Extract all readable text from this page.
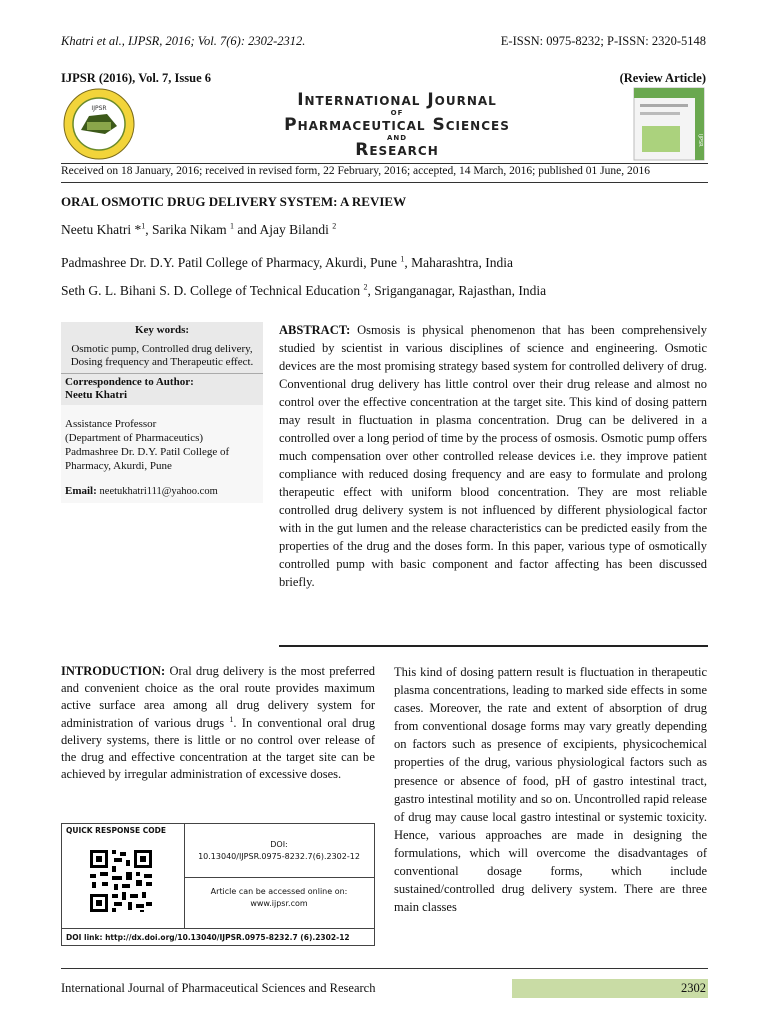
Khatri et al., IJPSR, 2016; Vol. 7(6): 2302-2312.	E-ISSN: 0975-8232; P-ISSN: 2320-5148
IJPSR (2016), Vol. 7, Issue 6	(Review Article)
IJPSR
IJPSR
International Journal
of
Pharmaceutical Sciences
and
Research
Received on 18 January, 2016; received in revised form, 22 February, 2016; accepted, 14 March, 2016; published 01 June, 2016
ORAL OSMOTIC DRUG DELIVERY SYSTEM: A REVIEW
Neetu Khatri *$^1$, Sarika Nikam $^1$ and Ajay Bilandi $^2$
Padmashree Dr. D.Y. Patil College of Pharmacy, Akurdi, Pune $^1$, Maharashtra, India
Seth G. L. Bihani S. D. College of Technical Education $^2$, Sriganganagar, Rajasthan, India
Key words:
Osmotic pump, Controlled drug delivery, Dosing frequency and Therapeutic effect.
Correspondence to Author:
Neetu Khatri
Assistance Professor
(Department of Pharmaceutics)
Padmashree Dr. D.Y. Patil College of Pharmacy, Akurdi, Pune
Email: neetukhatri111@yahoo.com
ABSTRACT: Osmosis is physical phenomenon that has been comprehensively studied by scientist in various disciplines of science and engineering. Osmotic devices are the most promising strategy based system for controlled delivery of drug. Conventional drug delivery has little control over their drug release and almost no control over the effective concentration at the target site. This kind of dosing pattern may result in fluctuation in plasma concentration. Drug can be delivered in a controlled over a long period of time by the process of osmosis. Osmotic pump offers much compensation over other controlled release devices i.e. they improve patient compliance with reduced dosing frequency and are easy to formulate and prolong therapeutic effect with uniform blood concentration. They are most reliable controlled drug delivery system is not influenced by different physiological factor with in the gut lumen and the release characteristics can be predicted easily from the properties of the drug and the doses form. In this paper, various type of osmotically controlled pump with basic component and factor affecting has been discussed briefly.
INTRODUCTION: Oral drug delivery is the most preferred and convenient choice as the oral route provides maximum active surface area among all drug delivery system for administration of various drugs $^1$. In conventional oral drug delivery systems, there is little or no control over release of the drug and effective concentration at the target site can be achieved by irregular administration of excessive doses.
This kind of dosing pattern result is fluctuation in therapeutic plasma concentrations, leading to marked side effects in some cases. Moreover, the rate and extent of absorption of drug from conventional dosage forms may vary greatly depending on factors such as presence of excipients, physicochemical properties of the drug, various physiological factors such as presence or absence of food, pH of gastro intestinal tract, gastro intestinal motility and so on. Uncontrolled rapid release of drug may cause local gastro intestinal or systemic toxicity. Hence, various approaches are made in designing the formulations, which will overcome the disadvantages of conventional dosage forms, which include sustained/controlled drug delivery system. There are three main classes
QUICK RESPONSE CODE
DOI:
10.13040/IJPSR.0975-8232.7(6).2302-12
Article can be accessed online on:
www.ijpsr.com
DOI link: http://dx.doi.org/10.13040/IJPSR.0975-8232.7 (6).2302-12
International Journal of Pharmaceutical Sciences and Research	2302
